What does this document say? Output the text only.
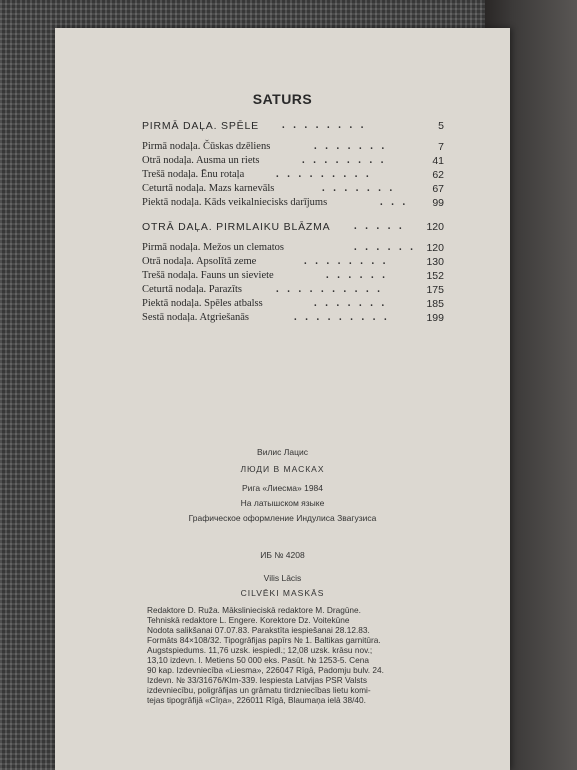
SATURS
PIRMĀ DAĻA. SPĒLE . . . . . . . .	5
Pirmā nodaļa. Čūskas dzēliens	. . . . . . .	7
Otrā nodaļa. Ausma un riets	. . . . . . . .	41
Trešā nodaļa. Ēnu rotaļa	. . . . . . . . .	62
Ceturtā nodaļa. Mazs karnevāls	. . . . . . .	67
Piektā nodaļa. Kāds veikalniecisks darījums	. . . 99
OTRĀ DAĻA. PIRMLAIKU BLĀZMA . . . . . 120
Pirmā nodaļa. Mežos un clematos	. . . . . . 120
Otrā nodaļa. Apsolītā zeme	. . . . . . . .	130
Trešā nodaļa. Fauns un sieviete	. . . . . .	152
Ceturtā nodaļa. Parazīts	. . . . . . . . . .	175
Piektā nodaļa. Spēles atbalss	. . . . . . .	185
Sestā nodaļa. Atgriešanās	. . . . . . . . .	199
Вилис Лацис
ЛЮДИ В МАСКАХ
Рига «Лиесма» 1984
На латышском языке
Графическое оформление Индулиса Звагузиса
ИБ № 4208
Vilis Lācis
CILVĒKI MASKĀS
Redaktore D. Ruža. Mākslinieciskā redaktore M. Dragūne.
Tehniskā redaktore L. Engere. Korektore Dz. Voitekūne
Nodota salikšanai 07.07.83. Parakstīta iespiešanai 28.12.83.
Formāts 84×108/32. Tipogrāfijas papīrs № 1. Baltikas garnitūra.
Augstspiedums. 11,76 uzsk. iespiedl.; 12,08 uzsk. krāsu nov.;
13,10 izdevn. l. Metiens 50 000 eks. Pasūt. № 1253-5. Cena
90 kap. Izdevniecība «Liesma», 226047 Rīgā, Padomju bulv. 24.
Izdevn. № 33/31676/Klm-339. Iespiesta Latvijas PSR Valsts
izdevniecību, poligrāfijas un grāmatu tirdzniecības lietu komi-
tejas tipogrāfijā «Cīņa», 226011 Rīgā, Blaumaņa ielā 38/40.
